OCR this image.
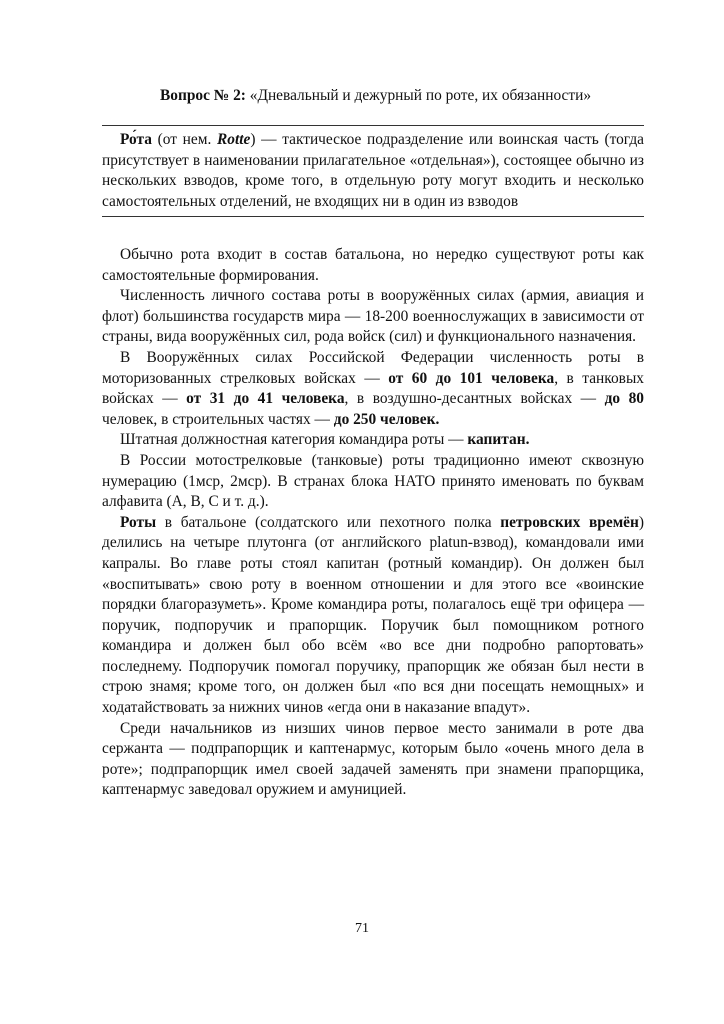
Вопрос № 2: «Дневальный и дежурный по роте, их обязанности»

Ро́та (от нем. Rotte) — тактическое подразделение или воинская часть (тогда присутствует в наименовании прилагательное «отдельная»), состоящее обычно из нескольких взводов, кроме того, в отдельную роту могут входить и несколько самостоятельных отделений, не входящих ни в один из взводов

Обычно рота входит в состав батальона, но нередко существуют роты как самостоятельные формирования.

Численность личного состава роты в вооружённых силах (армия, авиация и флот) большинства государств мира — 18-200 военнослужащих в зависимости от страны, вида вооружённых сил, рода войск (сил) и функционального назначения.

В Вооружённых силах Российской Федерации численность роты в моторизованных стрелковых войсках — от 60 до 101 человека, в танковых войсках — от 31 до 41 человека, в воздушно-десантных войсках — до 80 человек, в строительных частях — до 250 человек.

Штатная должностная категория командира роты — капитан.

В России мотострелковые (танковые) роты традиционно имеют сквозную нумерацию (1мср, 2мср). В странах блока НАТО принято именовать по буквам алфавита (A, B, C и т. д.).

Роты в батальоне (солдатского или пехотного полка петровских времён) делились на четыре плутонга (от английского platun-взвод), командовали ими капралы. Во главе роты стоял капитан (ротный командир). Он должен был «воспитывать» свою роту в военном отношении и для этого все «воинские порядки благоразуметь». Кроме командира роты, полагалось ещё три офицера — поручик, подпоручик и прапорщик. Поручик был помощником ротного командира и должен был обо всём «во все дни подробно рапортовать» последнему. Подпоручик помогал поручику, прапорщик же обязан был нести в строю знамя; кроме того, он должен был «по вся дни посещать немощных» и ходатайствовать за нижних чинов «егда они в наказание впадут».

Среди начальников из низших чинов первое место занимали в роте два сержанта — подпрапорщик и каптенармус, которым было «очень много дела в роте»; подпрапорщик имел своей задачей заменять при знамени прапорщика, каптенармус заведовал оружием и амуницией.

71
